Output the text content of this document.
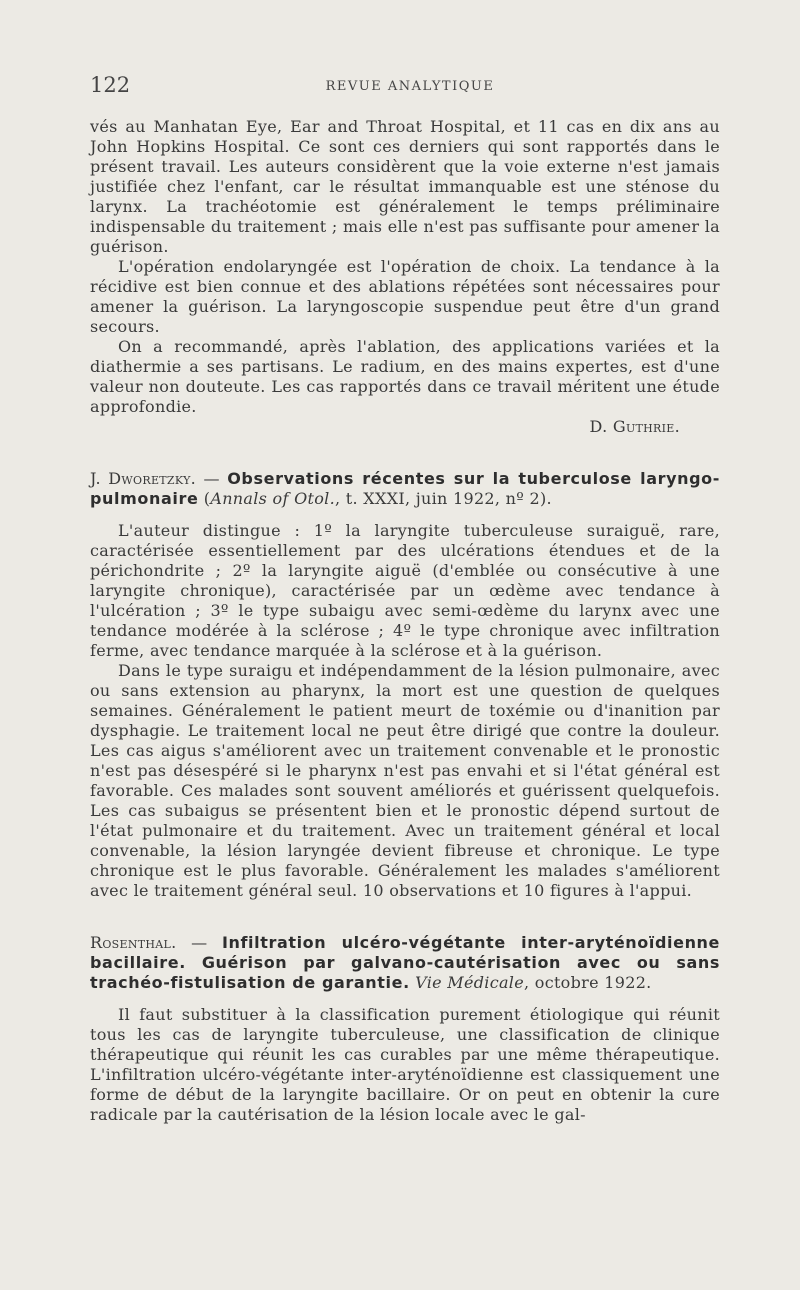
122	REVUE ANALYTIQUE

vés au Manhatan Eye, Ear and Throat Hospital, et 11 cas en dix ans au John Hopkins Hospital. Ce sont ces derniers qui sont rapportés dans le présent travail. Les auteurs considèrent que la voie externe n'est jamais justifiée chez l'enfant, car le résultat immanquable est une sténose du larynx. La trachéotomie est généralement le temps préliminaire indispensable du traitement ; mais elle n'est pas suffisante pour amener la guérison.

L'opération endolaryngée est l'opération de choix. La tendance à la récidive est bien connue et des ablations répétées sont nécessaires pour amener la guérison. La laryngoscopie suspendue peut être d'un grand secours.

On a recommandé, après l'ablation, des applications variées et la diathermie a ses partisans. Le radium, en des mains expertes, est d'une valeur non douteute. Les cas rapportés dans ce travail méritent une étude approfondie.

D. Guthrie.

J. Dworetzky. — Observations récentes sur la tuberculose laryngo-pulmonaire (Annals of Otol., t. XXXI, juin 1922, nº 2).

L'auteur distingue : 1º la laryngite tuberculeuse suraiguë, rare, caractérisée essentiellement par des ulcérations étendues et de la périchondrite ; 2º la laryngite aiguë (d'emblée ou consécutive à une laryngite chronique), caractérisée par un œdème avec tendance à l'ulcération ; 3º le type subaigu avec semi-œdème du larynx avec une tendance modérée à la sclérose ; 4º le type chronique avec infiltration ferme, avec tendance marquée à la sclérose et à la guérison.

Dans le type suraigu et indépendamment de la lésion pulmonaire, avec ou sans extension au pharynx, la mort est une question de quelques semaines. Généralement le patient meurt de toxémie ou d'inanition par dysphagie. Le traitement local ne peut être dirigé que contre la douleur. Les cas aigus s'améliorent avec un traitement convenable et le pronostic n'est pas désespéré si le pharynx n'est pas envahi et si l'état général est favorable. Ces malades sont souvent améliorés et guérissent quelquefois. Les cas subaigus se présentent bien et le pronostic dépend surtout de l'état pulmonaire et du traitement. Avec un traitement général et local convenable, la lésion laryngée devient fibreuse et chronique. Le type chronique est le plus favorable. Généralement les malades s'améliorent avec le traitement général seul. 10 observations et 10 figures à l'appui.

Rosenthal. — Infiltration ulcéro-végétante inter-aryténoïdienne bacillaire. Guérison par galvano-cautérisation avec ou sans trachéo-fistulisation de garantie. Vie Médicale, octobre 1922.

Il faut substituer à la classification purement étiologique qui réunit tous les cas de laryngite tuberculeuse, une classification de clinique thérapeutique qui réunit les cas curables par une même thérapeutique. L'infiltration ulcéro-végétante inter-aryténoïdienne est classiquement une forme de début de la laryngite bacillaire. Or on peut en obtenir la cure radicale par la cautérisation de la lésion locale avec le gal-
